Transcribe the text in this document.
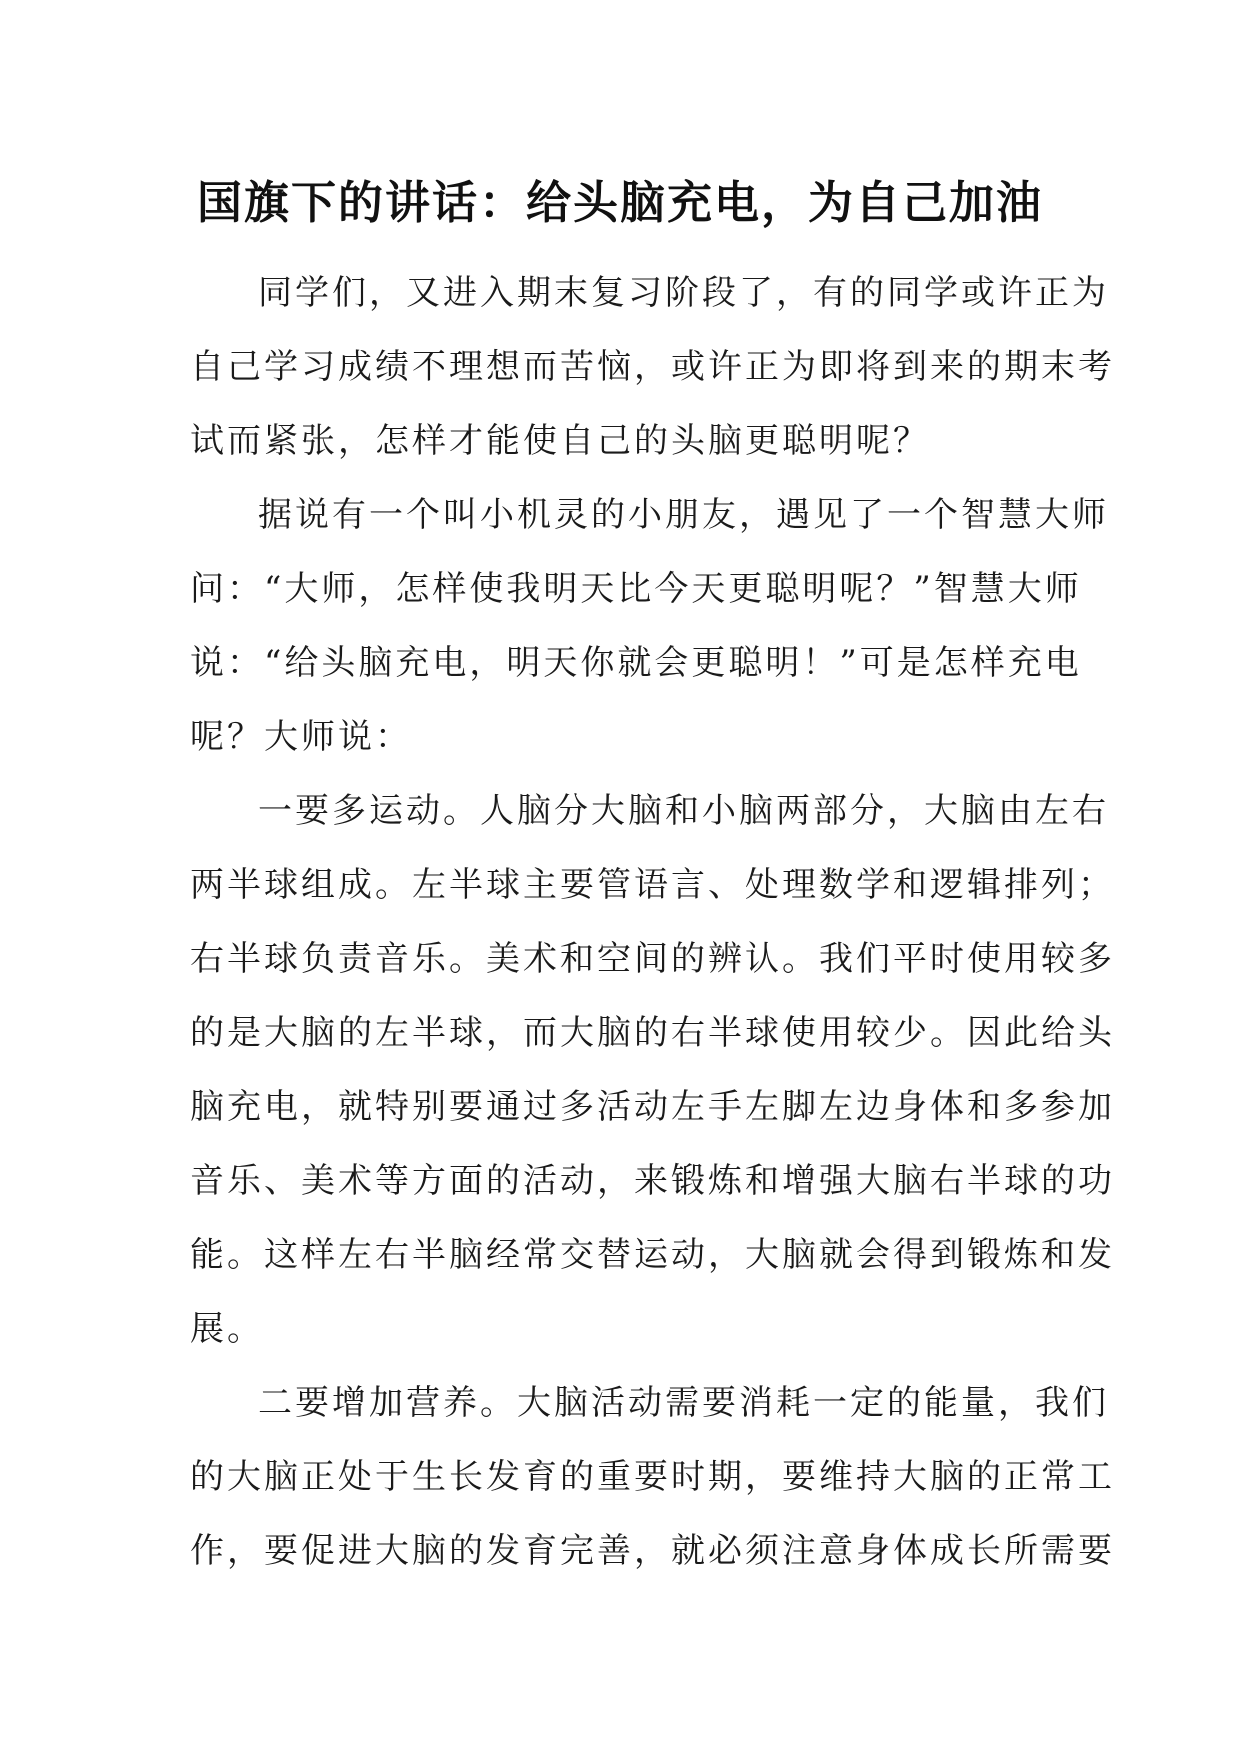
国旗下的讲话：给头脑充电，为自己加油
同学们，又进入期末复习阶段了，有的同学或许正为
自己学习成绩不理想而苦恼，或许正为即将到来的期末考
试而紧张，怎样才能使自己的头脑更聪明呢？
据说有一个叫小机灵的小朋友，遇见了一个智慧大师
问：“大师，怎样使我明天比今天更聪明呢？”智慧大师
说：“给头脑充电，明天你就会更聪明！”可是怎样充电
呢？大师说：
一要多运动。人脑分大脑和小脑两部分，大脑由左右
两半球组成。左半球主要管语言、处理数学和逻辑排列；
右半球负责音乐。美术和空间的辨认。我们平时使用较多
的是大脑的左半球，而大脑的右半球使用较少。因此给头
脑充电，就特别要通过多活动左手左脚左边身体和多参加
音乐、美术等方面的活动，来锻炼和增强大脑右半球的功
能。这样左右半脑经常交替运动，大脑就会得到锻炼和发
展。
二要增加营养。大脑活动需要消耗一定的能量，我们
的大脑正处于生长发育的重要时期，要维持大脑的正常工
作，要促进大脑的发育完善，就必须注意身体成长所需要
